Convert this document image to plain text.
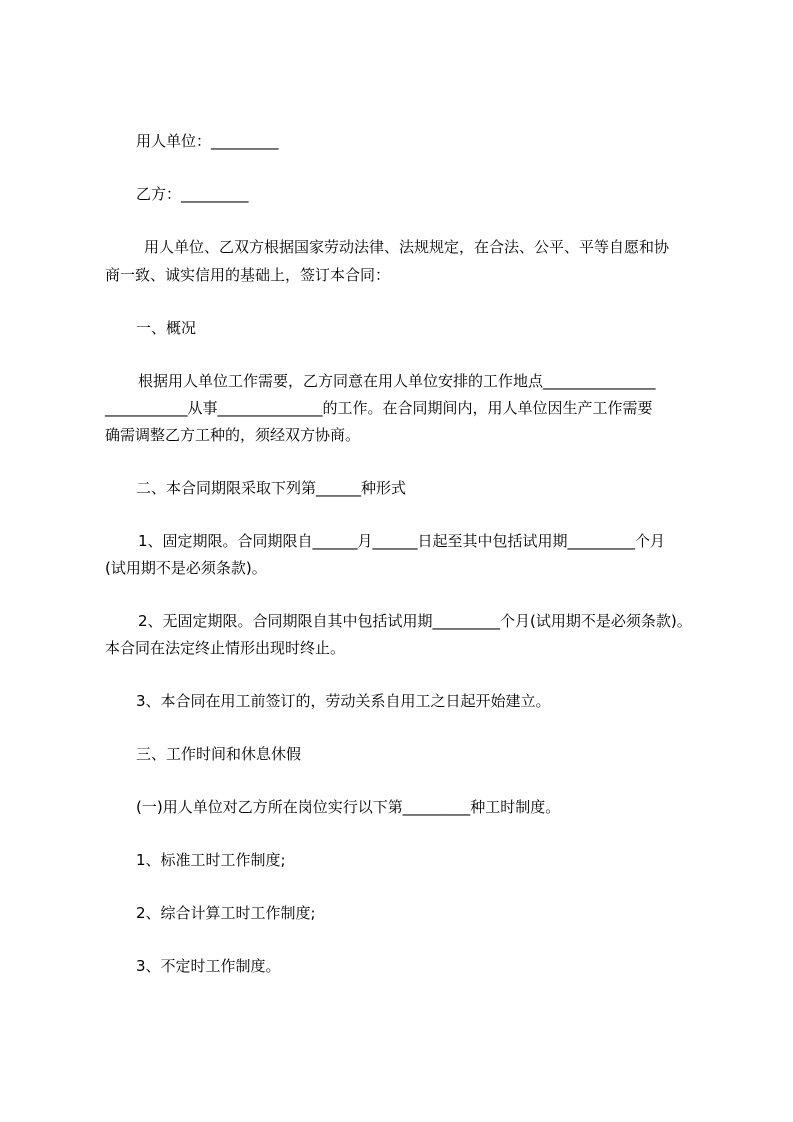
用人单位：_________
乙方：_________
用人单位、乙双方根据国家劳动法律、法规规定，在合法、公平、平等自愿和协
商一致、诚实信用的基础上，签订本合同：
一、概况
根据用人单位工作需要，乙方同意在用人单位安排的工作地点_______________
___________从事______________的工作。在合同期间内，用人单位因生产工作需要
确需调整乙方工种的，须经双方协商。
二、本合同期限采取下列第______种形式
1、固定期限。合同期限自______月______日起至其中包括试用期_________个月
(试用期不是必须条款)。
2、无固定期限。合同期限自其中包括试用期_________个月(试用期不是必须条款)。
本合同在法定终止情形出现时终止。
3、本合同在用工前签订的，劳动关系自用工之日起开始建立。
三、工作时间和休息休假
(一)用人单位对乙方所在岗位实行以下第_________种工时制度。
1、标准工时工作制度;
2、综合计算工时工作制度;
3、不定时工作制度。
